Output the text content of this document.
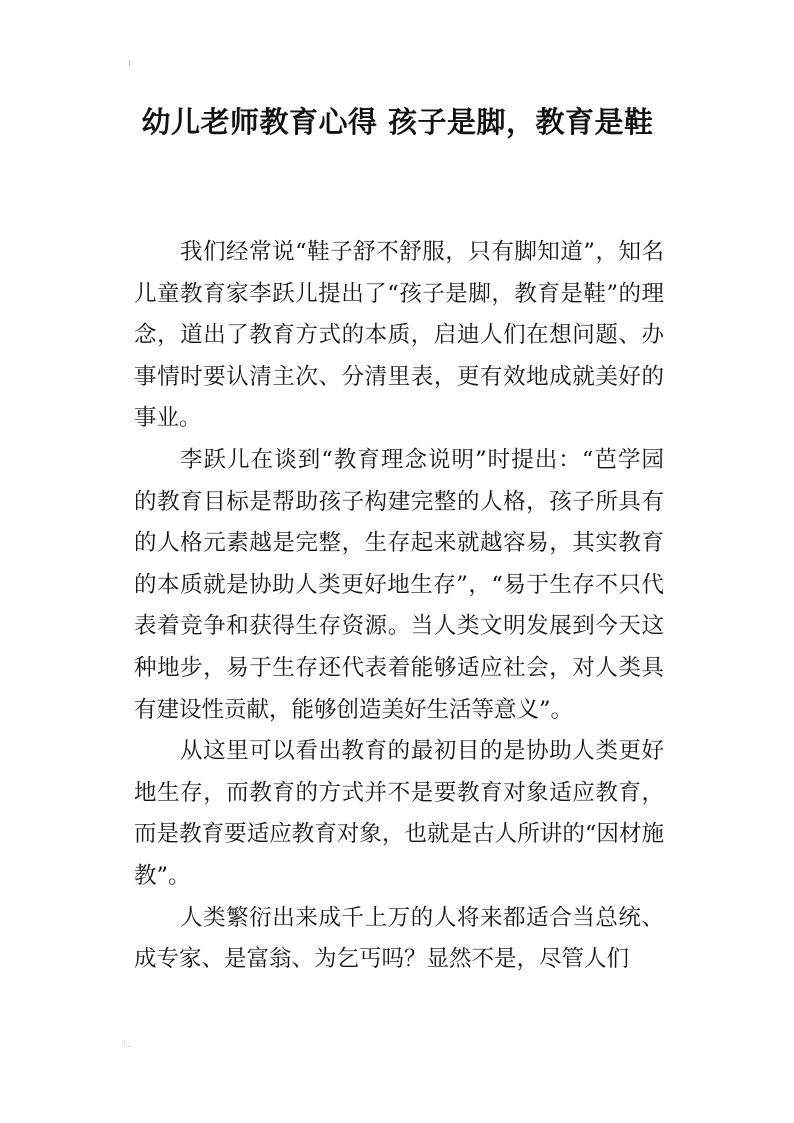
幼儿老师教育心得 孩子是脚，教育是鞋

我们经常说“鞋子舒不舒服，只有脚知道”，知名儿童教育家李跃儿提出了“孩子是脚，教育是鞋”的理念，道出了教育方式的本质，启迪人们在想问题、办事情时要认清主次、分清里表，更有效地成就美好的事业。

李跃儿在谈到“教育理念说明”时提出：“芭学园的教育目标是帮助孩子构建完整的人格，孩子所具有的人格元素越是完整，生存起来就越容易，其实教育的本质就是协助人类更好地生存”，“易于生存不只代表着竞争和获得生存资源。当人类文明发展到今天这种地步，易于生存还代表着能够适应社会，对人类具有建设性贡献，能够创造美好生活等意义”。

从这里可以看出教育的最初目的是协助人类更好地生存，而教育的方式并不是要教育对象适应教育，而是教育要适应教育对象，也就是古人所讲的“因材施教”。

人类繁衍出来成千上万的人将来都适合当总统、成专家、是富翁、为乞丐吗？显然不是，尽管人们
